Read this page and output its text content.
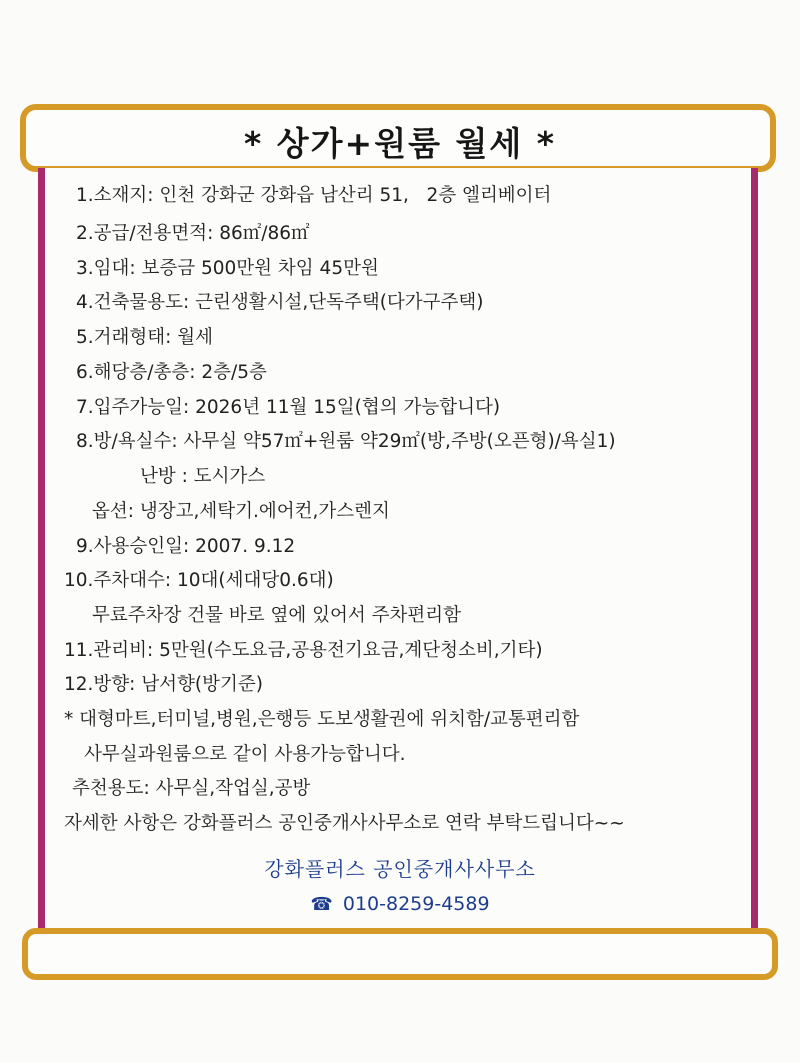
* 상가+원룸 월세 *
1.소재지: 인천 강화군 강화읍 남산리 51,   2층 엘리베이터
2.공급/전용면적: 86㎡/86㎡
3.임대: 보증금 500만원 차임 45만원
4.건축물용도: 근린생활시설,단독주택(다가구주택)
5.거래형태: 월세
6.해당층/총층: 2층/5층
7.입주가능일: 2026년 11월 15일(협의 가능합니다)
8.방/욕실수: 사무실 약57㎡+원룸 약29㎡(방,주방(오픈형)/욕실1)
난방 : 도시가스
옵션: 냉장고,세탁기.에어컨,가스렌지
9.사용승인일: 2007. 9.12
10.주차대수: 10대(세대당0.6대)
무료주차장 건물 바로 옆에 있어서 주차편리함
11.관리비: 5만원(수도요금,공용전기요금,계단청소비,기타)
12.방향: 남서향(방기준)
* 대형마트,터미널,병원,은행등 도보생활권에 위치함/교통편리함
사무실과원룸으로 같이 사용가능합니다.
추천용도: 사무실,작업실,공방
자세한 사항은 강화플러스 공인중개사사무소로 연락 부탁드립니다~~
강화플러스 공인중개사사무소
☎ 010-8259-4589
